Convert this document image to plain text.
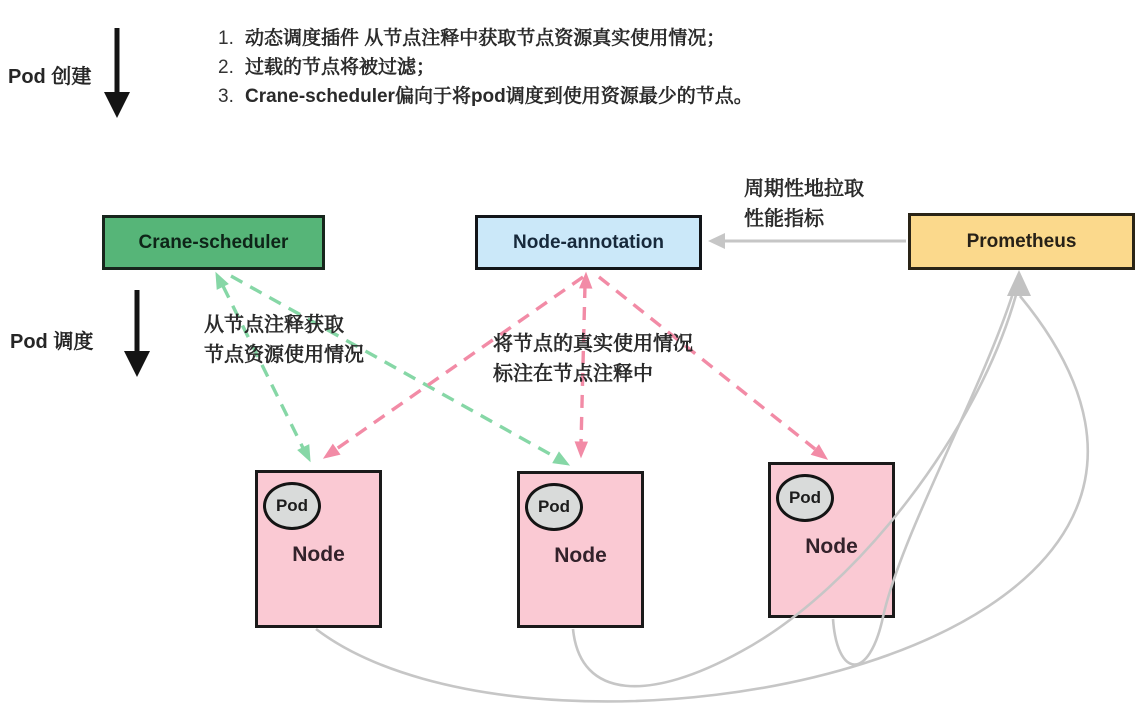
Pod 创建
Pod 调度
1. 动态调度插件 从节点注释中获取节点资源真实使用情况；
2. 过载的节点将被过滤；
3. Crane-scheduler偏向于将pod调度到使用资源最少的节点。
Crane-scheduler	Node-annotation	Prometheus
Pod
Node
Pod
Node
Pod
Node
周期性地拉取
性能指标
从节点注释获取
节点资源使用情况	将节点的真实使用情况
标注在节点注释中
